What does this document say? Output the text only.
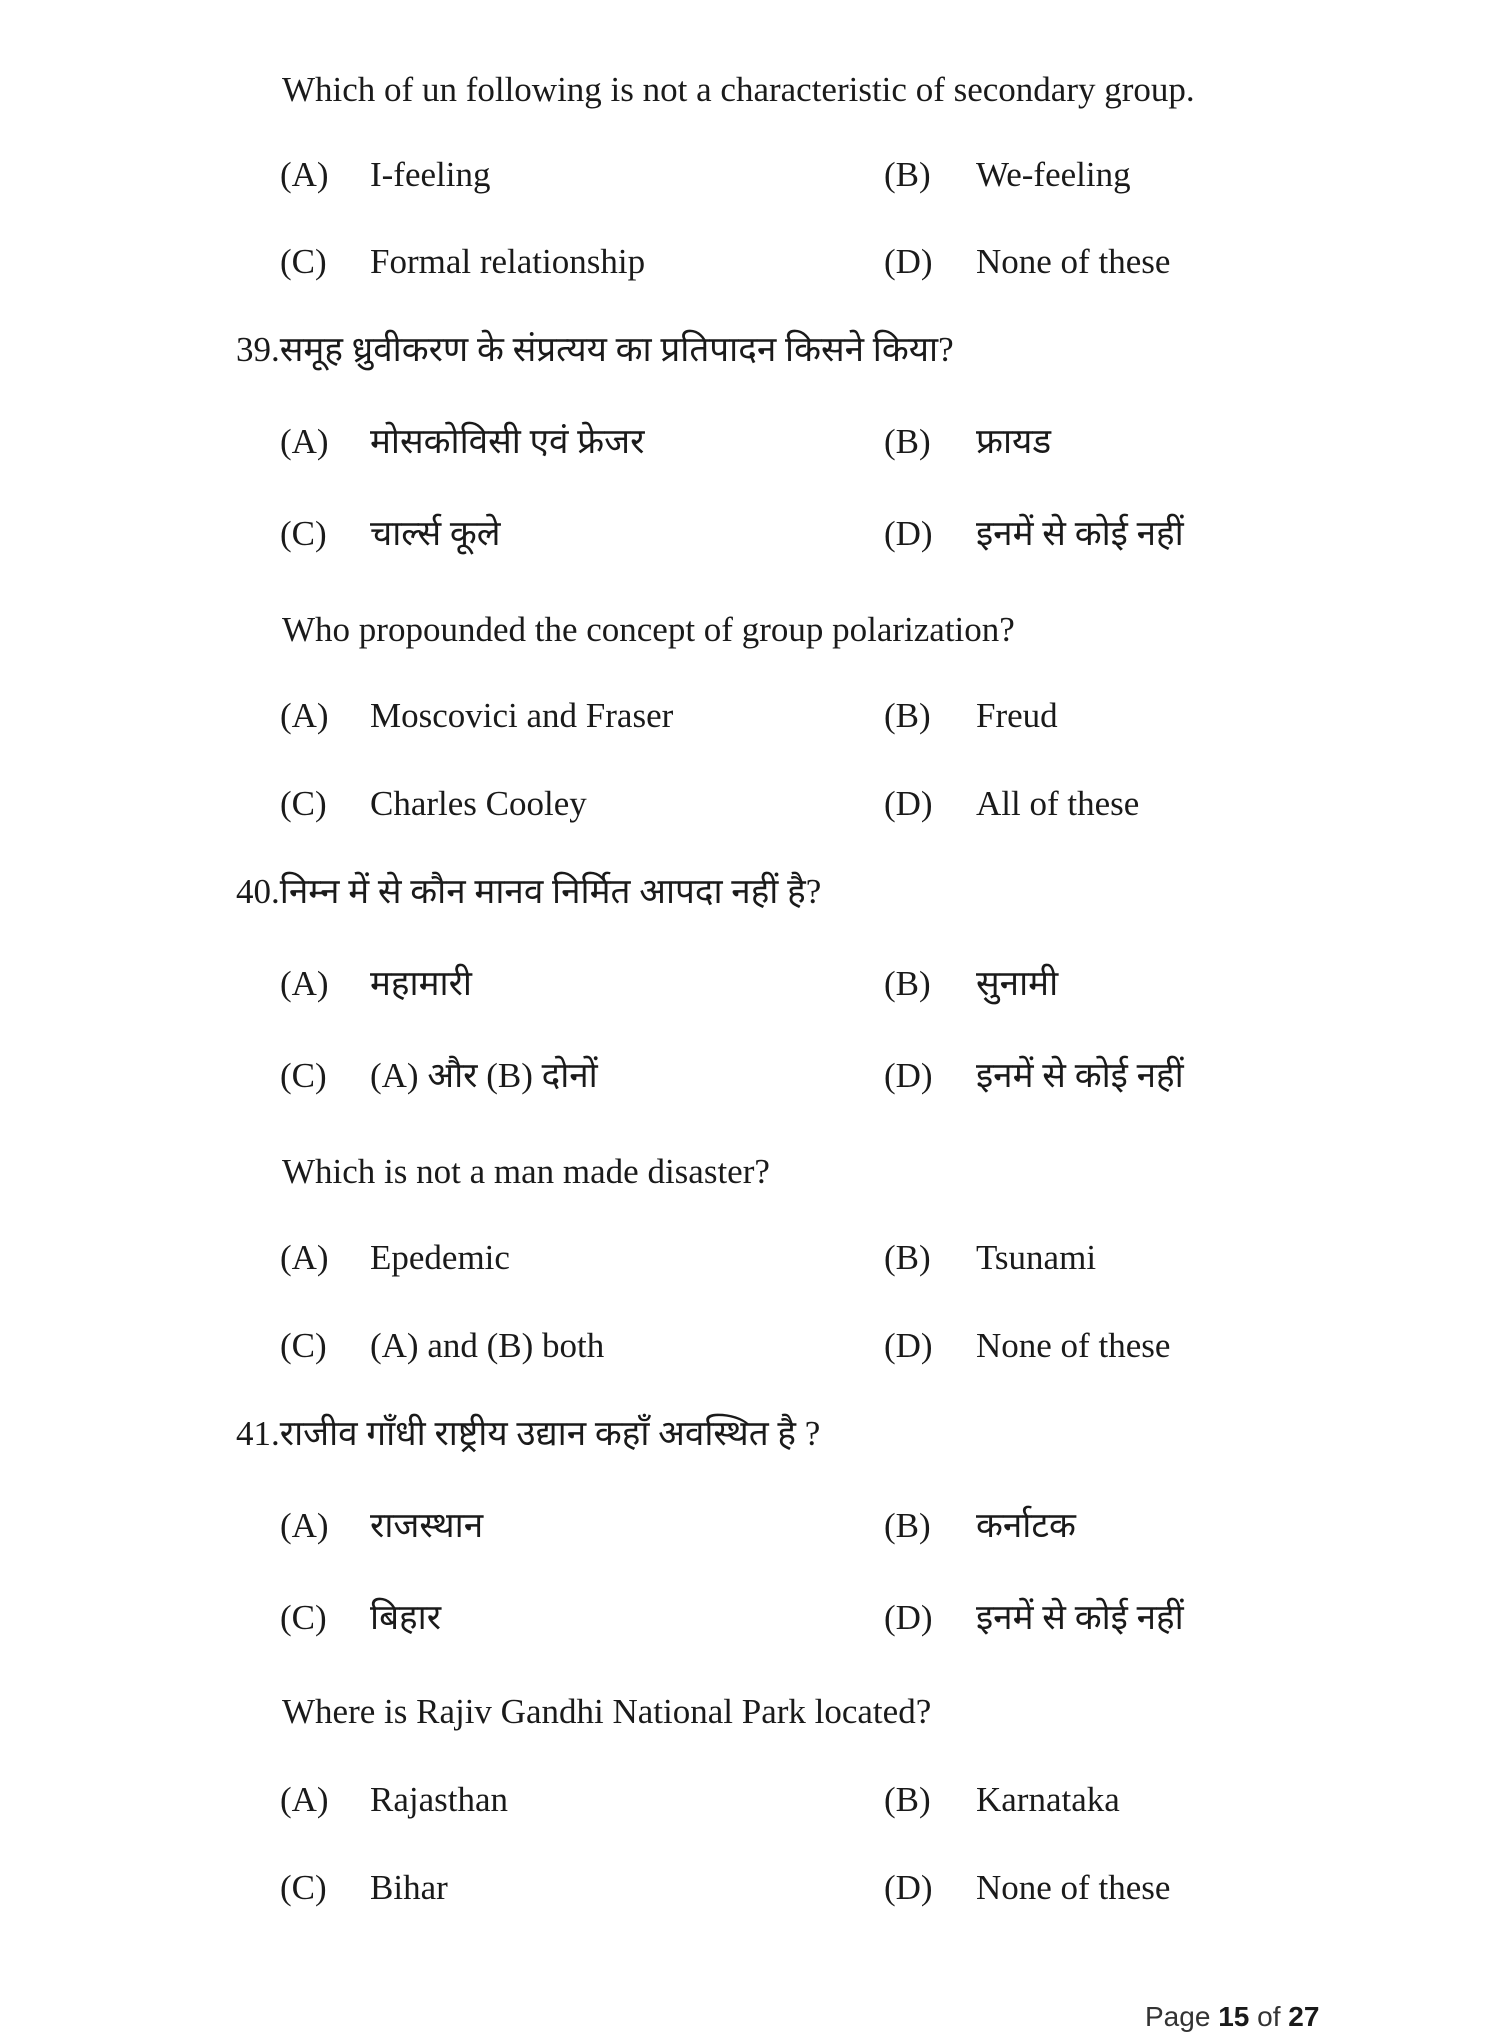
Which of un following is not a characteristic of secondary group.
(A) I-feeling	(B) We-feeling
(C) Formal relationship	(D) None of these
39.समूह ध्रुवीकरण के संप्रत्यय का प्रतिपादन किसने किया?
(A) मोसकोविसी एवं फ्रेजर	(B) फ्रायड
(C) चार्ल्स कूले	(D) इनमें से कोई नहीं
Who propounded the concept of group polarization?
(A) Moscovici and Fraser	(B) Freud
(C) Charles Cooley	(D) All of these
40.निम्न में से कौन मानव निर्मित आपदा नहीं है?
(A) महामारी	(B) सुनामी
(C) (A) और (B) दोनों	(D) इनमें से कोई नहीं
Which is not a man made disaster?
(A) Epedemic	(B) Tsunami
(C) (A) and (B) both	(D) None of these
41.राजीव गाँधी राष्ट्रीय उद्यान कहाँ अवस्थित है ?
(A) राजस्थान	(B) कर्नाटक
(C) बिहार	(D) इनमें से कोई नहीं
Where is Rajiv Gandhi National Park located?
(A) Rajasthan	(B) Karnataka
(C) Bihar	(D) None of these
Page 15 of 27
